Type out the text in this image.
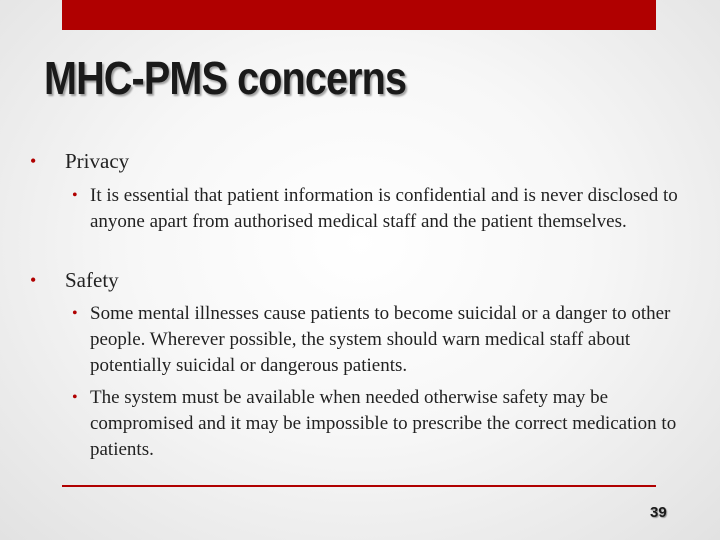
MHC-PMS concerns
• Privacy
• It is essential that patient information is confidential and is never disclosed to anyone apart from authorised medical staff and the patient themselves.
• Safety
• Some mental illnesses cause patients to become suicidal or a danger to other people. Wherever possible, the system should warn medical staff about potentially suicidal or dangerous patients.
• The system must be available when needed otherwise safety may be compromised and it may be impossible to prescribe the correct medication to patients.
39
